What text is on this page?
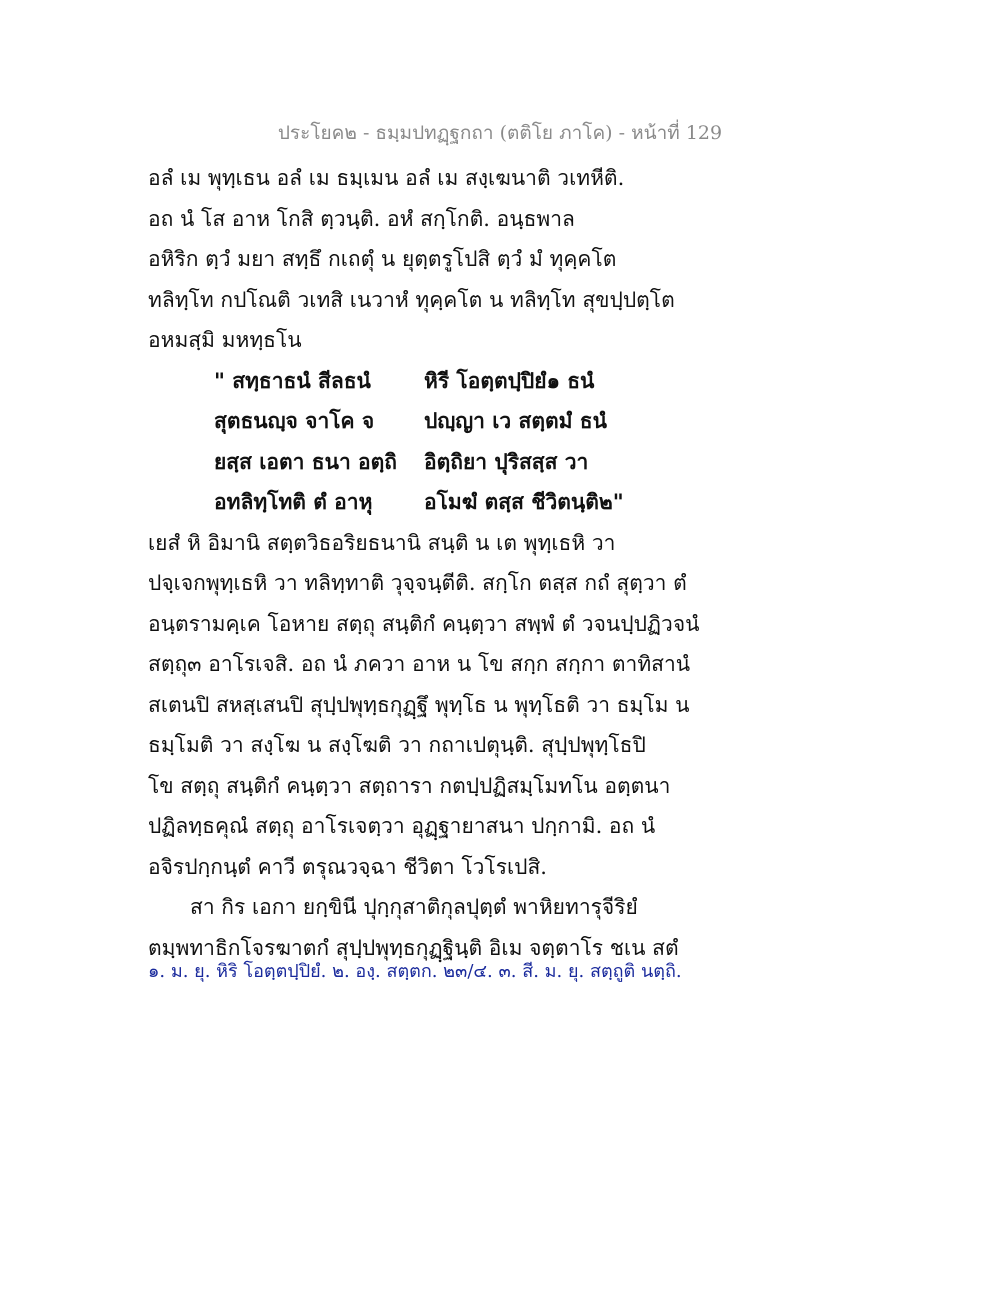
ประโยค๒ - ธมฺมปทฏฺฐกถา (ตติโย ภาโค) - หน้าที่ 129
อลํ เม พุทฺเธน อลํ เม ธมฺเมน อลํ เม สงฺเฆนาติ วเทหีติ.
อถ นํ โส อาห โกสิ ตฺวนฺติ. อหํ สกฺโกติ. อนฺธพาล
อหิริก ตฺวํ มยา สทฺธึ กเถตุํ น ยุตฺตรูโปสิ ตฺวํ มํ ทุคฺคโต
ทลิทฺโท กปโณติ วเทสิ เนวาหํ ทุคฺคโต น ทลิทฺโท สุขปฺปตฺโต
อหมสฺมิ มหทฺธโน
" สทฺธาธนํ สีลธนํ	หิรี โอตฺตปฺปิยํ๑ ธนํ
สุตธนญฺจ จาโค จ ปญฺญา เว สตฺตมํ ธนํ
ยสฺส เอตา ธนา อตฺถิ อิตฺถิยา ปุริสสฺส วา
อทลิทฺโทติ ตํ อาหุ อโมฆํ ตสฺส ชีวิตนฺติ๒"
เยสํ หิ อิมานิ สตฺตวิธอริยธนานิ สนฺติ น เต พุทฺเธหิ วา
ปจฺเจกพุทฺเธหิ วา ทลิทฺทาติ วุจฺจนฺตีติ. สกฺโก ตสฺส กถํ สุตฺวา ตํ
อนฺตรามคฺเค โอหาย สตฺถุ สนฺติกํ คนฺตฺวา สพฺพํ ตํ วจนปฺปฏิวจนํ
สตฺถุ๓ อาโรเจสิ. อถ นํ ภควา อาห น โข สกฺก สกฺกา ตาทิสานํ
สเตนปิ สหสฺเสนปิ สุปฺปพุทฺธกุฏฺฐึ พุทฺโธ น พุทฺโธติ วา ธมฺโม น
ธมฺโมติ วา สงฺโฆ น สงฺโฆติ วา กถาเปตุนฺติ. สุปฺปพุทฺโธปิ
โข สตฺถุ สนฺติกํ คนฺตฺวา สตฺถารา กตปฺปฏิสมฺโมทโน อตฺตนา
ปฏิลทฺธคุณํ สตฺถุ อาโรเจตฺวา อุฏฺฐายาสนา ปกฺกามิ. อถ นํ
อจิรปกฺกนฺตํ คาวี ตรุณวจฺฉา ชีวิตา โวโรเปสิ.
สา กิร เอกา ยกฺขินี ปุกฺกุสาติกุลปุตฺตํ พาหิยทารุจีริยํ
ตมฺพทาธิกโจรฆาตกํ สุปฺปพุทฺธกุฏฺฐินฺติ อิเม จตฺตาโร ชเน สตํ
๑. ม. ยุ. หิริ โอตฺตปฺปิยํ. ๒. องฺ. สตฺตก. ๒๓/๔. ๓. สี. ม. ยุ. สตฺถูติ นตฺถิ.
